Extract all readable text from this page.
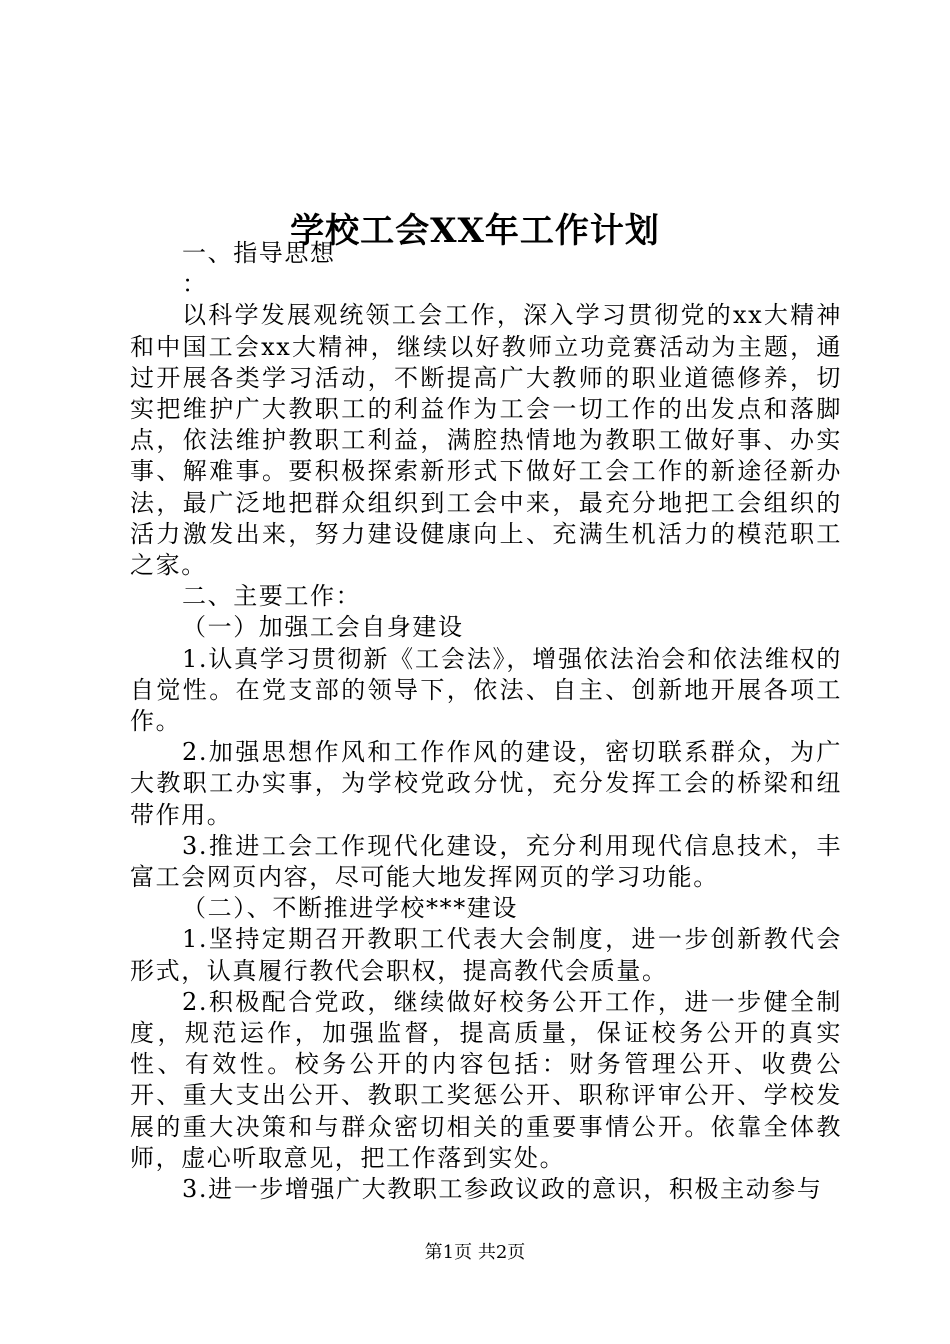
学校工会XX年工作计划

一、指导思想

：

以科学发展观统领工会工作，深入学习贯彻党的xx大精神和中国工会xx大精神，继续以好教师立功竞赛活动为主题，通过开展各类学习活动，不断提高广大教师的职业道德修养，切实把维护广大教职工的利益作为工会一切工作的出发点和落脚点，依法维护教职工利益，满腔热情地为教职工做好事、办实事、解难事。要积极探索新形式下做好工会工作的新途径新办法，最广泛地把群众组织到工会中来，最充分地把工会组织的活力激发出来，努力建设健康向上、充满生机活力的模范职工之家。

二、主要工作：

（一）加强工会自身建设

1.认真学习贯彻新《工会法》，增强依法治会和依法维权的自觉性。在党支部的领导下，依法、自主、创新地开展各项工作。

2.加强思想作风和工作作风的建设，密切联系群众，为广大教职工办实事，为学校党政分忧，充分发挥工会的桥梁和纽带作用。

3.推进工会工作现代化建设，充分利用现代信息技术，丰富工会网页内容，尽可能大地发挥网页的学习功能。

（二）、不断推进学校***建设

1.坚持定期召开教职工代表大会制度，进一步创新教代会形式，认真履行教代会职权，提高教代会质量。

2.积极配合党政，继续做好校务公开工作，进一步健全制度，规范运作，加强监督，提高质量，保证校务公开的真实性、有效性。校务公开的内容包括：财务管理公开、收费公开、重大支出公开、教职工奖惩公开、职称评审公开、学校发展的重大决策和与群众密切相关的重要事情公开。依靠全体教师，虚心听取意见，把工作落到实处。

3.进一步增强广大教职工参政议政的意识，积极主动参与

第1页 共2页
